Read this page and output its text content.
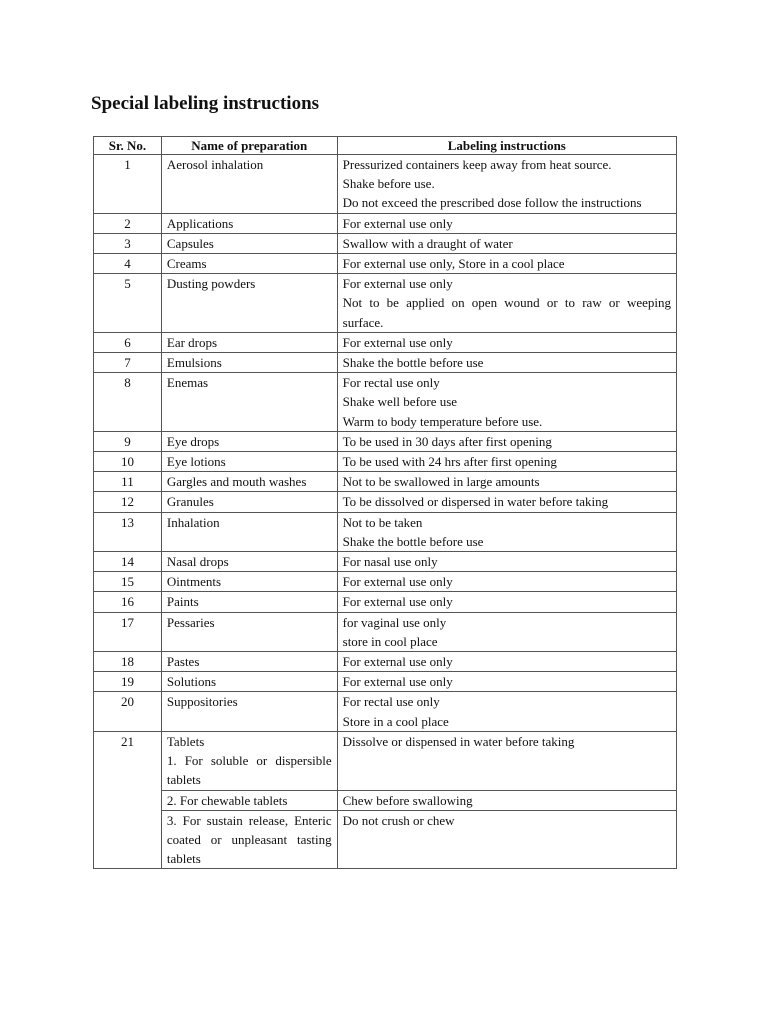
Special labeling instructions
Sr. No.	Name of preparation	Labeling instructions
1	Aerosol inhalation	Pressurized containers keep away from heat source.
Shake before use.
Do not exceed the prescribed dose follow the instructions

2	Applications	For external use only

3	Capsules	Swallow with a draught of water

4	Creams	For external use only, Store in a cool place

5	Dusting powders	For external use only
Not to be applied on open wound or to raw or weeping
surface.

6	Ear drops	For external use only

7	Emulsions	Shake the bottle before use

8	Enemas	For rectal use only
Shake well before use
Warm to body temperature before use.

9	Eye drops	To be used in 30 days after first opening

10	Eye lotions	To be used with 24 hrs after first opening

11	Gargles and mouth washes	Not to be swallowed in large amounts

12	Granules	To be dissolved or dispersed in water before taking

13	Inhalation	Not to be taken
Shake the bottle before use

14	Nasal drops	For nasal use only

15	Ointments	For external use only

16	Paints	For external use only

17	Pessaries	for vaginal use only
store in cool place

18	Pastes	For external use only

19	Solutions	For external use only

20	Suppositories	For rectal use only
Store in a cool place

21	Tablets
1. For soluble or dispersible
tablets	Dissolve or dispensed in water before taking

	2. For chewable tablets	Chew before swallowing

	3. For sustain release, Enteric
coated or unpleasant tasting
tablets	Do not crush or chew
